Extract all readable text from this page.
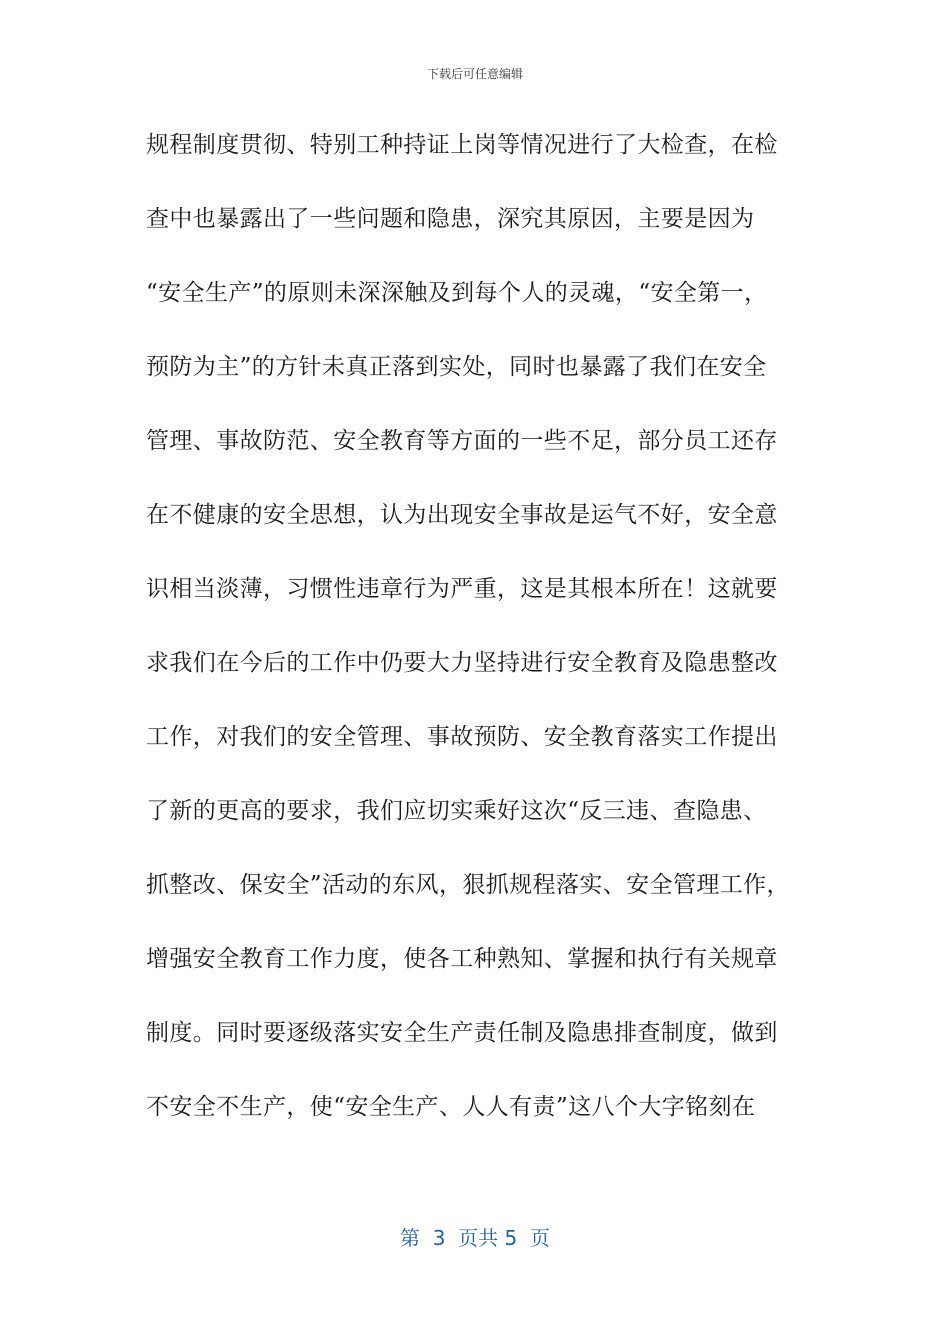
下载后可任意编辑
规程制度贯彻、特别工种持证上岗等情况进行了大检查，在检
查中也暴露出了一些问题和隐患，深究其原因，主要是因为
“安全生产”的原则未深深触及到每个人的灵魂，“安全第一，
预防为主”的方针未真正落到实处，同时也暴露了我们在安全
管理、事故防范、安全教育等方面的一些不足，部分员工还存
在不健康的安全思想，认为出现安全事故是运气不好，安全意
识相当淡薄，习惯性违章行为严重，这是其根本所在！这就要
求我们在今后的工作中仍要大力坚持进行安全教育及隐患整改
工作，对我们的安全管理、事故预防、安全教育落实工作提出
了新的更高的要求，我们应切实乘好这次“反三违、查隐患、
抓整改、保安全”活动的东风，狠抓规程落实、安全管理工作，
增强安全教育工作力度，使各工种熟知、掌握和执行有关规章
制度。同时要逐级落实安全生产责任制及隐患排查制度，做到
不安全不生产，使“安全生产、人人有责”这八个大字铭刻在
第  3  页共 5  页
